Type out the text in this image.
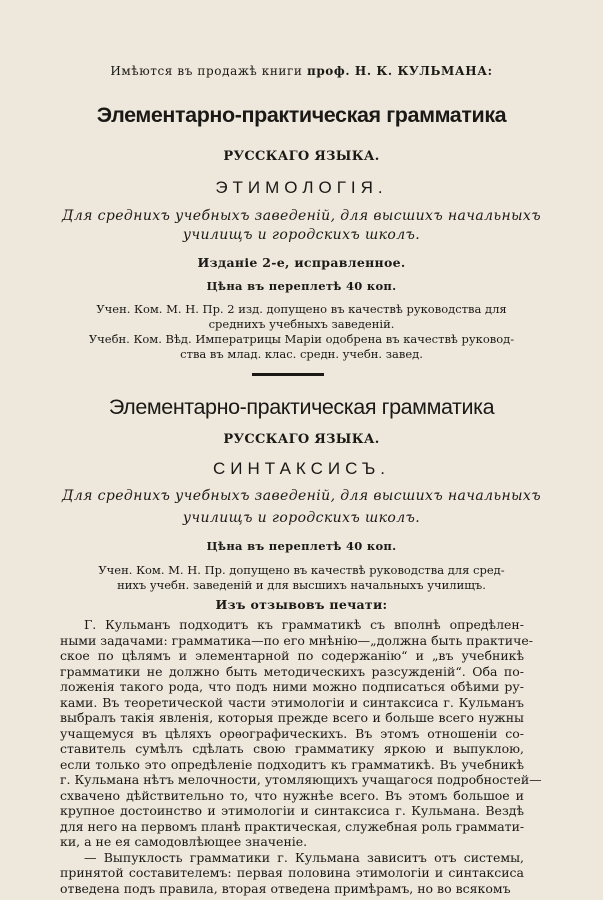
Имѣются въ продажѣ книги проф. Н. К. КУЛЬМАНА:
Элементарно-практическая грамматика
РУССКАГО ЯЗЫКА.
ЭТИМОЛОГІЯ.
Для среднихъ учебныхъ заведеній, для высшихъ начальныхъ
училищъ и городскихъ школъ.
Изданіе 2-е, исправленное.
Цѣна въ переплетѣ 40 коп.
Учен. Ком. М. Н. Пр. 2 изд. допущено въ качествѣ руководства для
среднихъ учебныхъ заведеній.
Учебн. Ком. Вѣд. Императрицы Маріи одобрена въ качествѣ руковод-
ства въ млад. клас. средн. учебн. завед.
Элементарно-практическая грамматика
РУССКАГО ЯЗЫКА.
СИНТАКСИСЪ.
Для среднихъ учебныхъ заведеній, для высшихъ начальныхъ
училищъ и городскихъ школъ.
Цѣна въ переплетѣ 40 коп.
Учен. Ком. М. Н. Пр. допущено въ качествѣ руководства для сред-
нихъ учебн. заведеній и для высшихъ начальныхъ училищъ.
Изъ отзывовъ печати:
Г. Кульманъ подходитъ къ грамматикѣ съ вполнѣ опредѣлен-
ными задачами: грамматика—по его мнѣнію—„должна быть практиче-
ское по цѣлямъ и элементарной по содержанію“ и „въ учебникѣ
грамматики не должно быть методическихъ разсужденій“. Оба по-
ложенія такого рода, что подъ ними можно подписаться обѣими ру-
ками. Въ теоретической части этимологіи и синтаксиса г. Кульманъ
выбралъ такія явленія, которыя прежде всего и больше всего нужны
учащемуся въ цѣляхъ орѳографическихъ. Въ этомъ отношеніи со-
ставитель сумѣлъ сдѣлать свою грамматику яркою и выпуклою,
если только это опредѣленіе подходитъ къ грамматикѣ. Въ учебникѣ
г. Кульмана нѣтъ мелочности, утомляющихъ учащагося подробностей—
схвачено дѣйствительно то, что нужнѣе всего. Въ этомъ большое и
крупное достоинство и этимологіи и синтаксиса г. Кульмана. Вездѣ
для него на первомъ планѣ практическая, служебная роль граммати-
ки, а не ея самодовлѣющее значеніе.
— Выпуклость грамматики г. Кульмана зависитъ отъ системы,
принятой составителемъ: первая половина этимологіи и синтаксиса
отведена подъ правила, вторая отведена примѣрамъ, но во всякомъ
